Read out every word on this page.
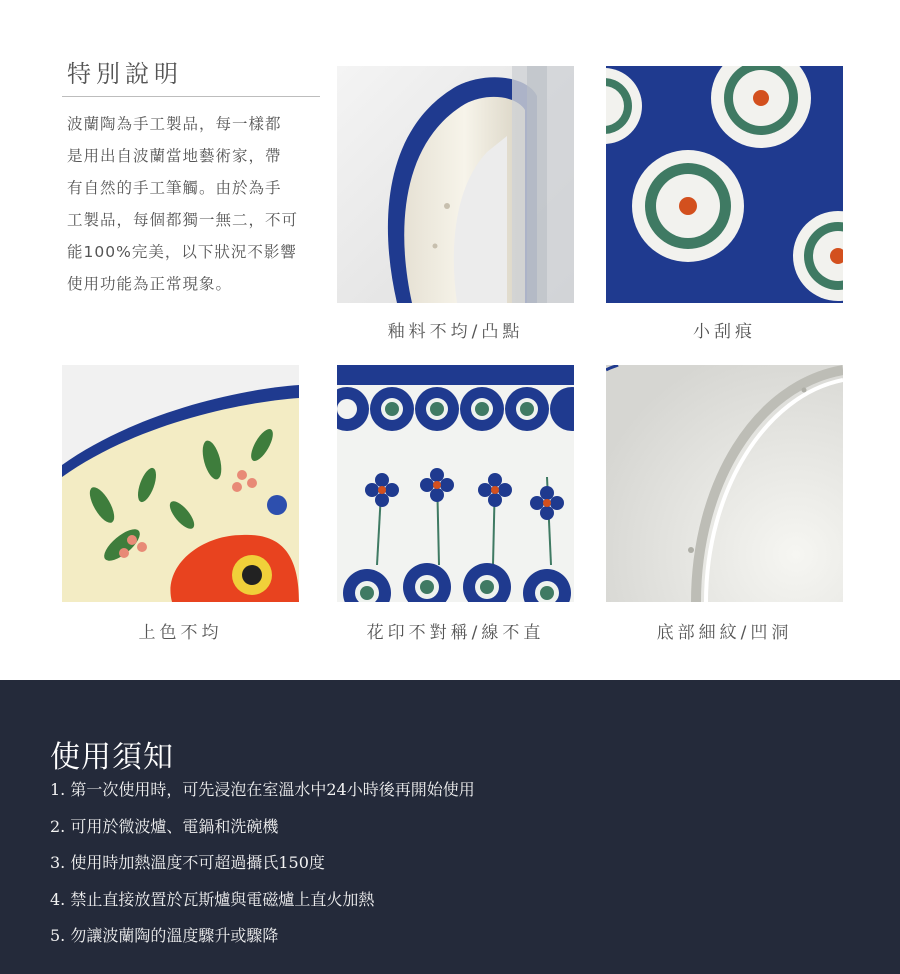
特別說明
波蘭陶為手工製品，每一樣都
是用出自波蘭當地藝術家，帶
有自然的手工筆觸。由於為手
工製品，每個都獨一無二，不可
能100%完美，以下狀況不影響
使用功能為正常現象。
釉料不均/凸點	小刮痕
上色不均	花印不對稱/線不直	底部細紋/凹洞
使用須知
1. 第一次使用時，可先浸泡在室溫水中24小時後再開始使用
2. 可用於微波爐、電鍋和洗碗機
3. 使用時加熱溫度不可超過攝氏150度
4. 禁止直接放置於瓦斯爐與電磁爐上直火加熱
5. 勿讓波蘭陶的溫度驟升或驟降
